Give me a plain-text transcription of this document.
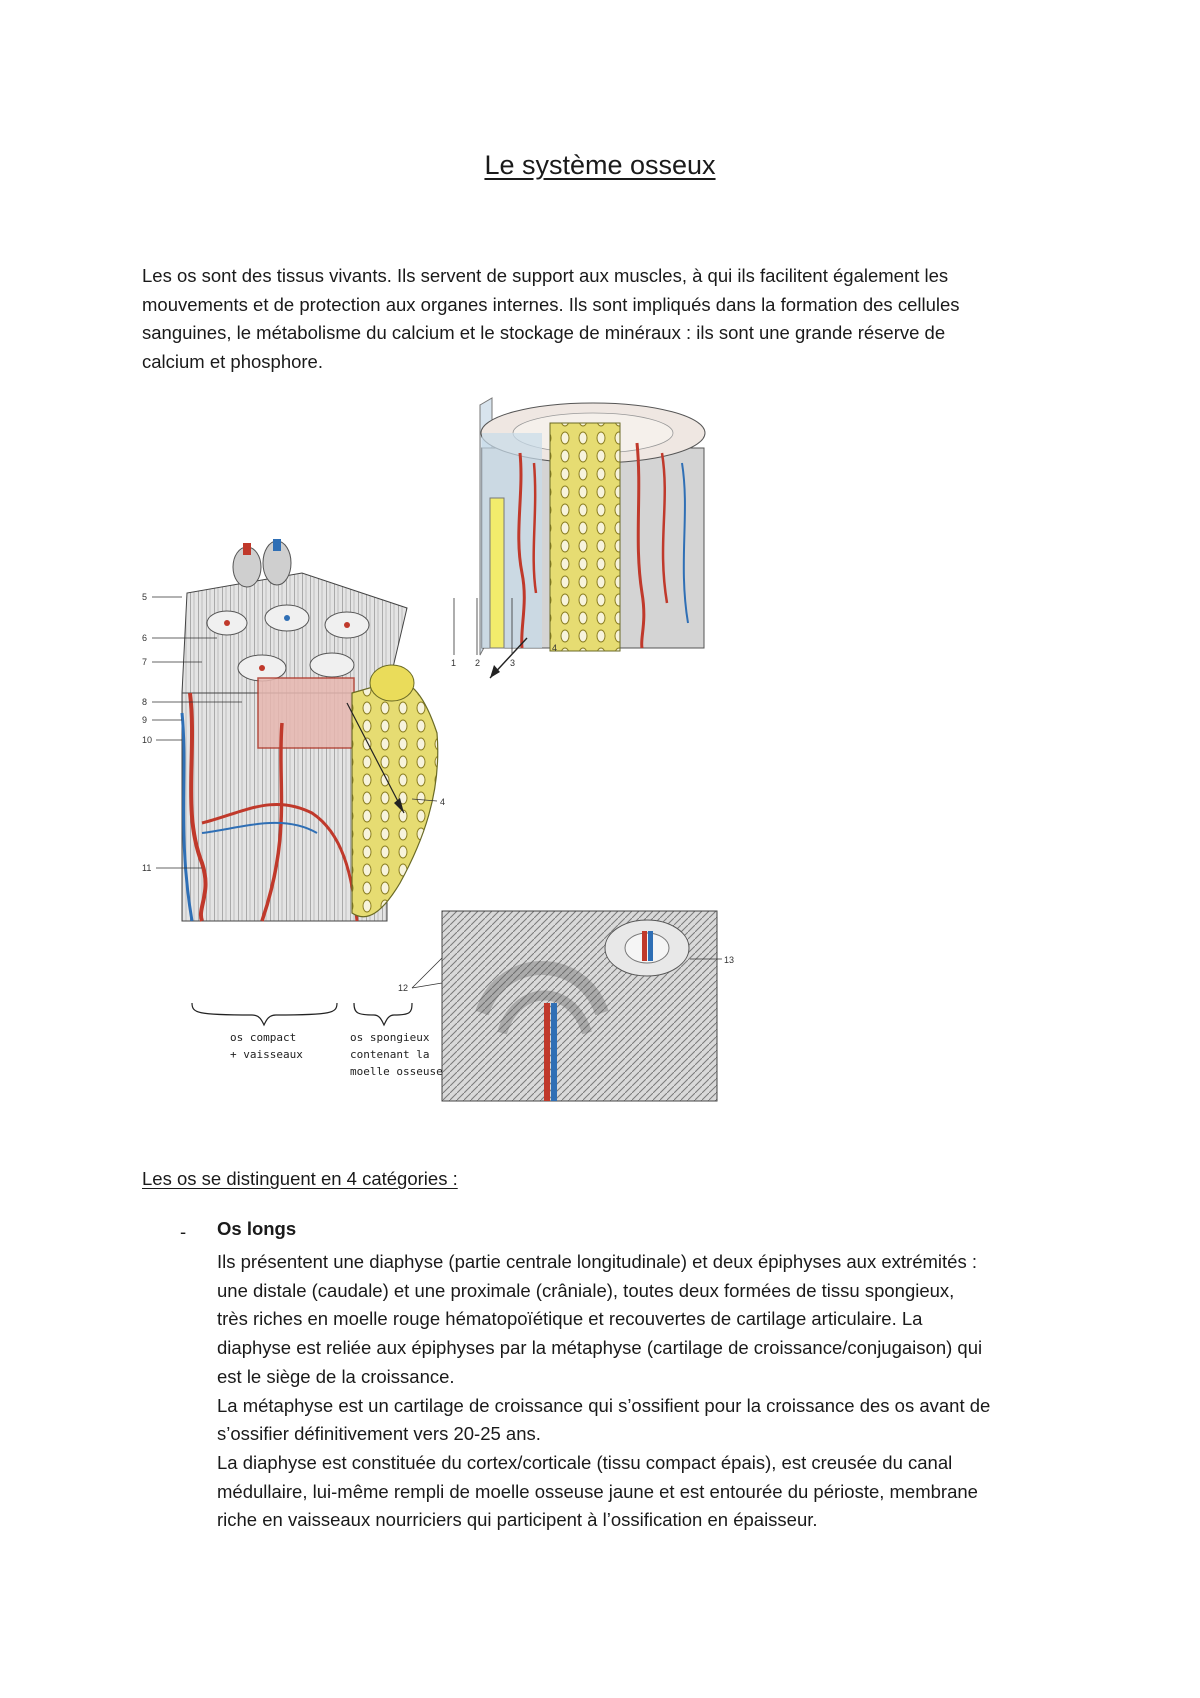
Le système osseux
Les os sont des tissus vivants. Ils servent de support aux muscles, à qui ils facilitent également les
mouvements et de protection aux organes internes. Ils sont impliqués dans la formation des cellules
sanguines, le métabolisme du calcium et le stockage de minéraux : ils sont une grande réserve de
calcium et phosphore.
4
1 2	3
5
6
7
8
9
10
11
4
12
13
os compact
+ vaisseaux
os spongieux
contenant la
moelle osseuse
Les os se distinguent en 4 catégories :
- Os longs
Ils présentent une diaphyse (partie centrale longitudinale) et deux épiphyses aux extrémités :
une distale (caudale) et une proximale (crâniale), toutes deux formées de tissu spongieux,
très riches en moelle rouge hématopoïétique et recouvertes de cartilage articulaire. La
diaphyse est reliée aux épiphyses par la métaphyse (cartilage de croissance/conjugaison) qui
est le siège de la croissance.
La métaphyse est un cartilage de croissance qui s’ossifient pour la croissance des os avant de
s’ossifier définitivement vers 20-25 ans.
La diaphyse est constituée du cortex/corticale (tissu compact épais), est creusée du canal
médullaire, lui-même rempli de moelle osseuse jaune et est entourée du périoste, membrane
riche en vaisseaux nourriciers qui participent à l’ossification en épaisseur.
